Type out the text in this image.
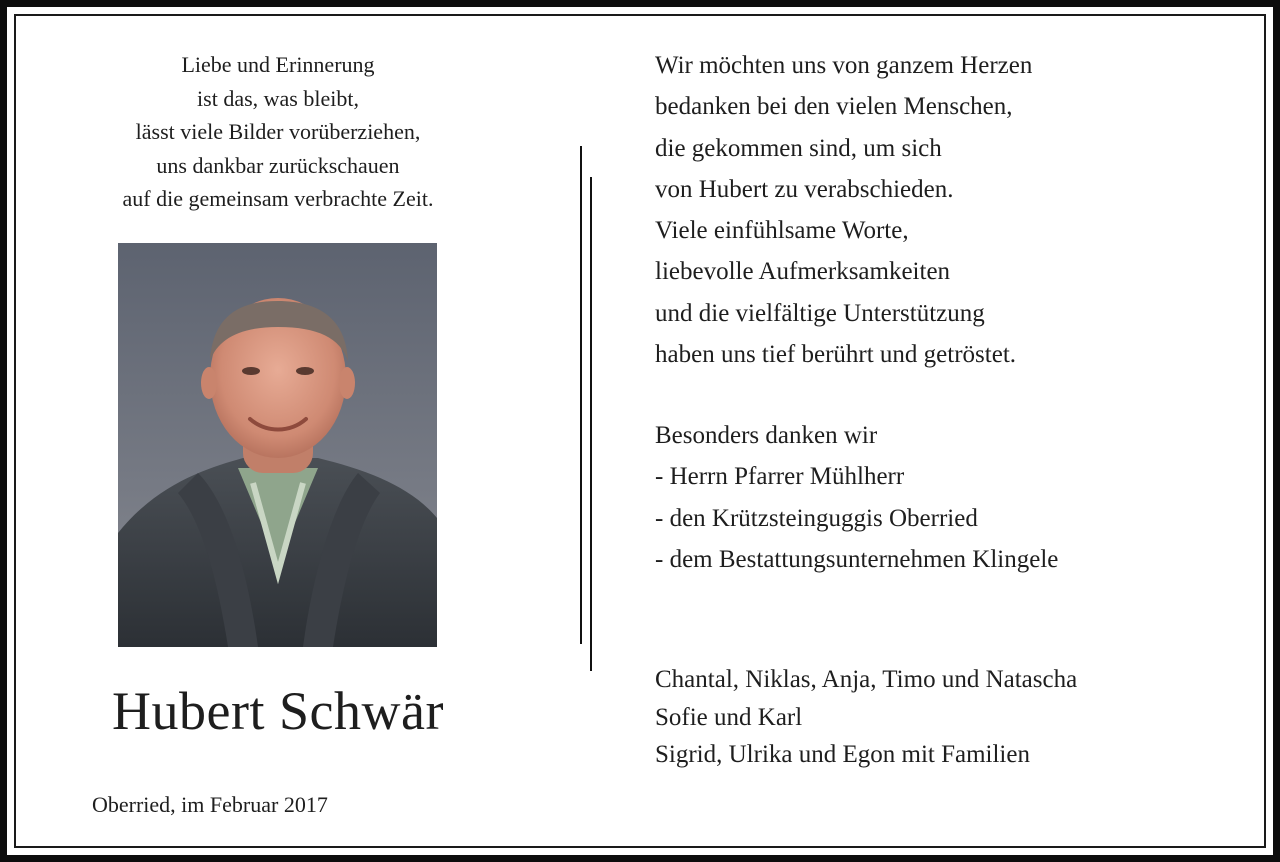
Liebe und Erinnerung
ist das, was bleibt,
lässt viele Bilder vorüberziehen,
uns dankbar zurückschauen
auf die gemeinsam verbrachte Zeit.
Hubert Schwär
Oberried, im Februar 2017
Wir möchten uns von ganzem Herzen
bedanken bei den vielen Menschen,
die gekommen sind, um sich
von Hubert zu verabschieden.
Viele einfühlsame Worte,
liebevolle Aufmerksamkeiten
und die vielfältige Unterstützung
haben uns tief berührt und getröstet.
Besonders danken wir
- Herrn Pfarrer Mühlherr
- den Krützsteinguggis Oberried
- dem Bestattungsunternehmen Klingele
Chantal, Niklas, Anja, Timo und Natascha
Sofie und Karl
Sigrid, Ulrika und Egon mit Familien
